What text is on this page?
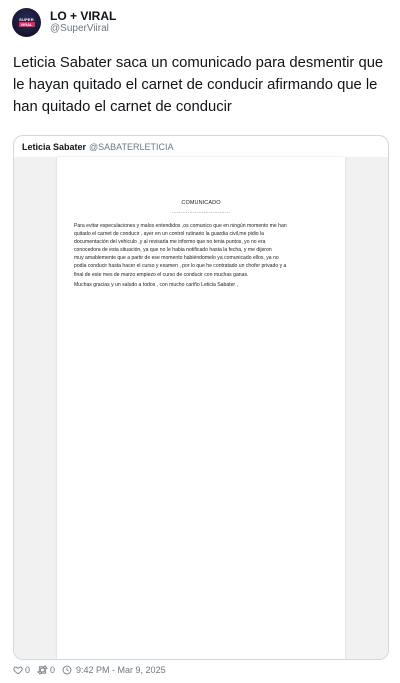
SUPER
VIRAL
LO + VIRAL
@SuperViiral
Leticia Sabater saca un comunicado para desmentir que le hayan quitado el carnet de conducir afirmando que le han quitado el carnet de conducir
Leticia Sabater @SABATERLETICIA
COMUNICADO
……………………………

Para evitar especulaciones y malos entendidos ,os comunico que en ningún momento me han
quitado el carnet de conducir , ayer en un control rutinario la guardia civil,me pidio la
documentación del vehiculo ,y al revisarla me informo que no tenia puntos, yo no era
conocedora de esta situación, ya que no le habia notificado hasta la fecha, y me dijeron
muy amablemente que a partir de ese momento habiéndomelo ya comunicado ellos, ya no
podia conducir hasta hacer el curso y examen , por lo que he contratado un chofer privado y a
final de este mes de marzo empiezo el curso de conducir con muchas ganas.

Muchas gracias y un saludo a todos , con mucho cariño Leticia Sabater ,

0 0 9:42 PM - Mar 9, 2025
